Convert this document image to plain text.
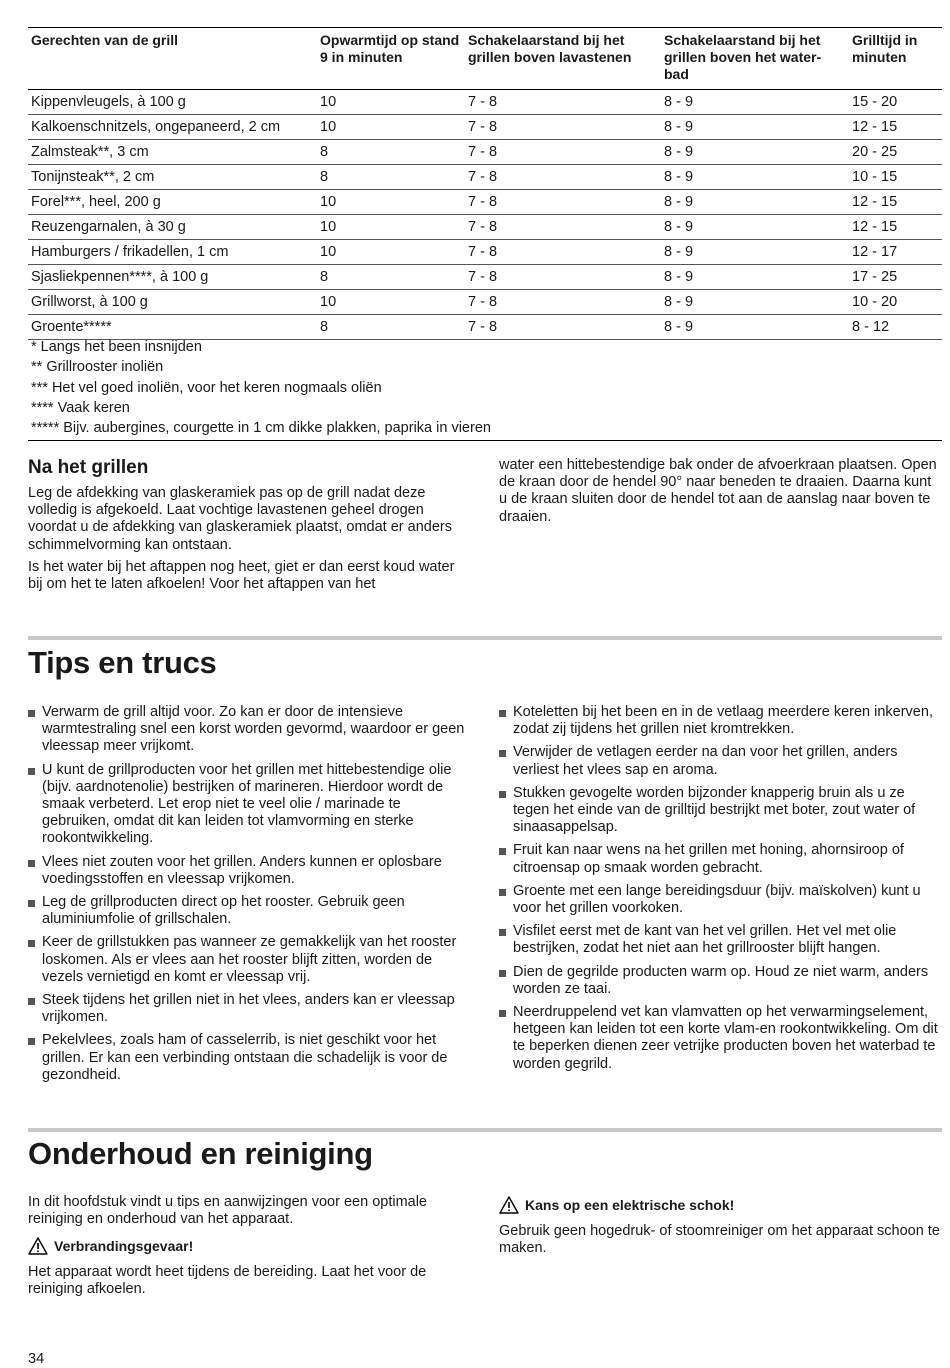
Gerechten van de grill	Opwarmtijd op stand 9 in minuten	Schakelaarstand bij het grillen boven lavastenen	Schakelaarstand bij het grillen boven het water-bad	Grilltijd in minuten
Kippenvleugels, à 100 g	10	7 - 8	8 - 9	15 - 20
Kalkoenschnitzels, ongepaneerd, 2 cm	10	7 - 8	8 - 9	12 - 15
Zalmsteak**, 3 cm	8	7 - 8	8 - 9	20 - 25
Tonijnsteak**, 2 cm	8	7 - 8	8 - 9	10 - 15
Forel***, heel, 200 g	10	7 - 8	8 - 9	12 - 15
Reuzengarnalen, à 30 g	10	7 - 8	8 - 9	12 - 15
Hamburgers / frikadellen, 1 cm	10	7 - 8	8 - 9	12 - 17
Sjasliekpennen****, à 100 g	8	7 - 8	8 - 9	17 - 25
Grillworst, à 100 g	10	7 - 8	8 - 9	10 - 20
Groente*****	8	7 - 8	8 - 9	8 - 12
* Langs het been insnijden
** Grillrooster inoliën
*** Het vel goed inoliën, voor het keren nogmaals oliën
**** Vaak keren
***** Bijv. aubergines, courgette in 1 cm dikke plakken, paprika in vieren
Na het grillen

Leg de afdekking van glaskeramiek pas op de grill nadat deze volledig is afgekoeld. Laat vochtige lavastenen geheel drogen voordat u de afdekking van glaskeramiek plaatst, omdat er anders schimmelvorming kan ontstaan.

Is het water bij het aftappen nog heet, giet er dan eerst koud water bij om het te laten afkoelen! Voor het aftappen van het

water een hittebestendige bak onder de afvoerkraan plaatsen. Open de kraan door de hendel 90° naar beneden te draaien. Daarna kunt u de kraan sluiten door de hendel tot aan de aanslag naar boven te draaien.

Tips en trucs
Verwarm de grill altijd voor. Zo kan er door de intensieve warmtestraling snel een korst worden gevormd, waardoor er geen vleessap meer vrijkomt.
U kunt de grillproducten voor het grillen met hittebestendige olie (bijv. aardnotenolie) bestrijken of marineren. Hierdoor wordt de smaak verbeterd. Let erop niet te veel olie / marinade te gebruiken, omdat dit kan leiden tot vlamvorming en sterke rookontwikkeling.
Vlees niet zouten voor het grillen. Anders kunnen er oplosbare voedingsstoffen en vleessap vrijkomen.
Leg de grillproducten direct op het rooster. Gebruik geen aluminiumfolie of grillschalen.
Keer de grillstukken pas wanneer ze gemakkelijk van het rooster loskomen. Als er vlees aan het rooster blijft zitten, worden de vezels vernietigd en komt er vleessap vrij.
Steek tijdens het grillen niet in het vlees, anders kan er vleessap vrijkomen.
Pekelvlees, zoals ham of casselerrib, is niet geschikt voor het grillen. Er kan een verbinding ontstaan die schadelijk is voor de gezondheid.
Koteletten bij het been en in de vetlaag meerdere keren inkerven, zodat zij tijdens het grillen niet kromtrekken.
Verwijder de vetlagen eerder na dan voor het grillen, anders verliest het vlees sap en aroma.
Stukken gevogelte worden bijzonder knapperig bruin als u ze tegen het einde van de grilltijd bestrijkt met boter, zout water of sinaasappelsap.
Fruit kan naar wens na het grillen met honing, ahornsiroop of citroensap op smaak worden gebracht.
Groente met een lange bereidingsduur (bijv. maïskolven) kunt u voor het grillen voorkoken.
Visfilet eerst met de kant van het vel grillen. Het vel met olie bestrijken, zodat het niet aan het grillrooster blijft hangen.
Dien de gegrilde producten warm op. Houd ze niet warm, anders worden ze taai.
Neerdruppelend vet kan vlamvatten op het verwarmingselement, hetgeen kan leiden tot een korte vlam-en rookontwikkeling. Om dit te beperken dienen zeer vetrijke producten boven het waterbad te worden gegrild.
Onderhoud en reiniging

In dit hoofdstuk vindt u tips en aanwijzingen voor een optimale reiniging en onderhoud van het apparaat.

Verbrandingsgevaar!

Het apparaat wordt heet tijdens de bereiding. Laat het voor de reiniging afkoelen.

Kans op een elektrische schok!

Gebruik geen hogedruk- of stoomreiniger om het apparaat schoon te maken.

34
